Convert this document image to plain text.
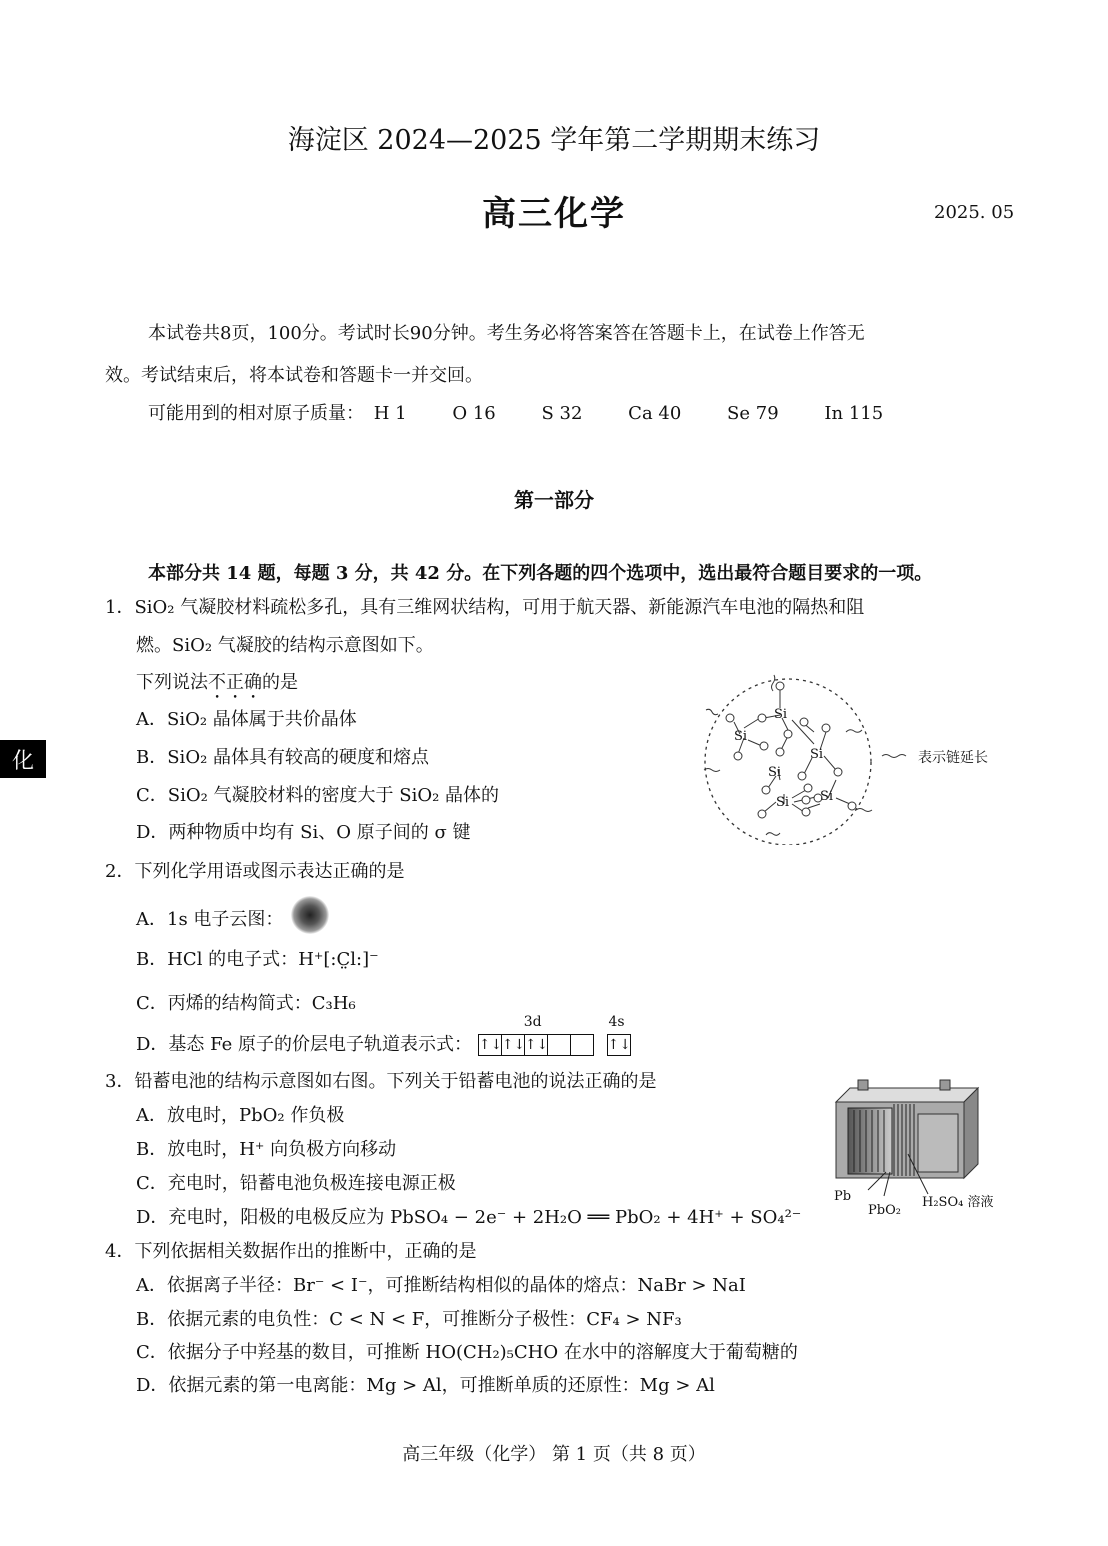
海淀区 2024—2025 学年第二学期期末练习
高三化学	2025. 05
本试卷共8页，100分。考试时长90分钟。考生务必将答案答在答题卡上，在试卷上作答无
效。考试结束后，将本试卷和答题卡一并交回。
可能用到的相对原子质量： H 1	O 16	S 32	Ca 40	Se 79	In 115
第一部分
本部分共 14 题，每题 3 分，共 42 分。在下列各题的四个选项中，选出最符合题目要求的一项。
化
1．SiO₂ 气凝胶材料疏松多孔，具有三维网状结构，可用于航天器、新能源汽车电池的隔热和阻
燃。SiO₂ 气凝胶的结构示意图如下。
下列说法不正确的是
A．SiO₂ 晶体属于共价晶体
B．SiO₂ 晶体具有较高的硬度和熔点
C．SiO₂ 气凝胶材料的密度大于 SiO₂ 晶体的
D．两种物质中均有 Si、O 原子间的 σ 键
Si
Si
Si
Si
Si Si
表示链延长
2．下列化学用语或图示表达正确的是
A．1s 电子云图：
B．HCl 的电子式：H⁺[:C̤l:]⁻
C．丙烯的结构简式：C₃H₆
D．基态 Fe 原子的价层电子轨道表示式：
3d
↑↓↑↓↑↓
4s
↑↓
3．铅蓄电池的结构示意图如右图。下列关于铅蓄电池的说法正确的是
A．放电时，PbO₂ 作负极
B．放电时，H⁺ 向负极方向移动
C．充电时，铅蓄电池负极连接电源正极
D．充电时，阳极的电极反应为 PbSO₄ − 2e⁻ + 2H₂O ══ PbO₂ + 4H⁺ + SO₄²⁻
Pb
PbO₂
H₂SO₄ 溶液
4．下列依据相关数据作出的推断中，正确的是
A．依据离子半径：Br⁻ < I⁻，可推断结构相似的晶体的熔点：NaBr > NaI
B．依据元素的电负性：C < N < F，可推断分子极性：CF₄ > NF₃
C．依据分子中羟基的数目，可推断 HO(CH₂)₅CHO 在水中的溶解度大于葡萄糖的
D．依据元素的第一电离能：Mg > Al，可推断单质的还原性：Mg > Al
高三年级（化学） 第 1 页（共 8 页）
